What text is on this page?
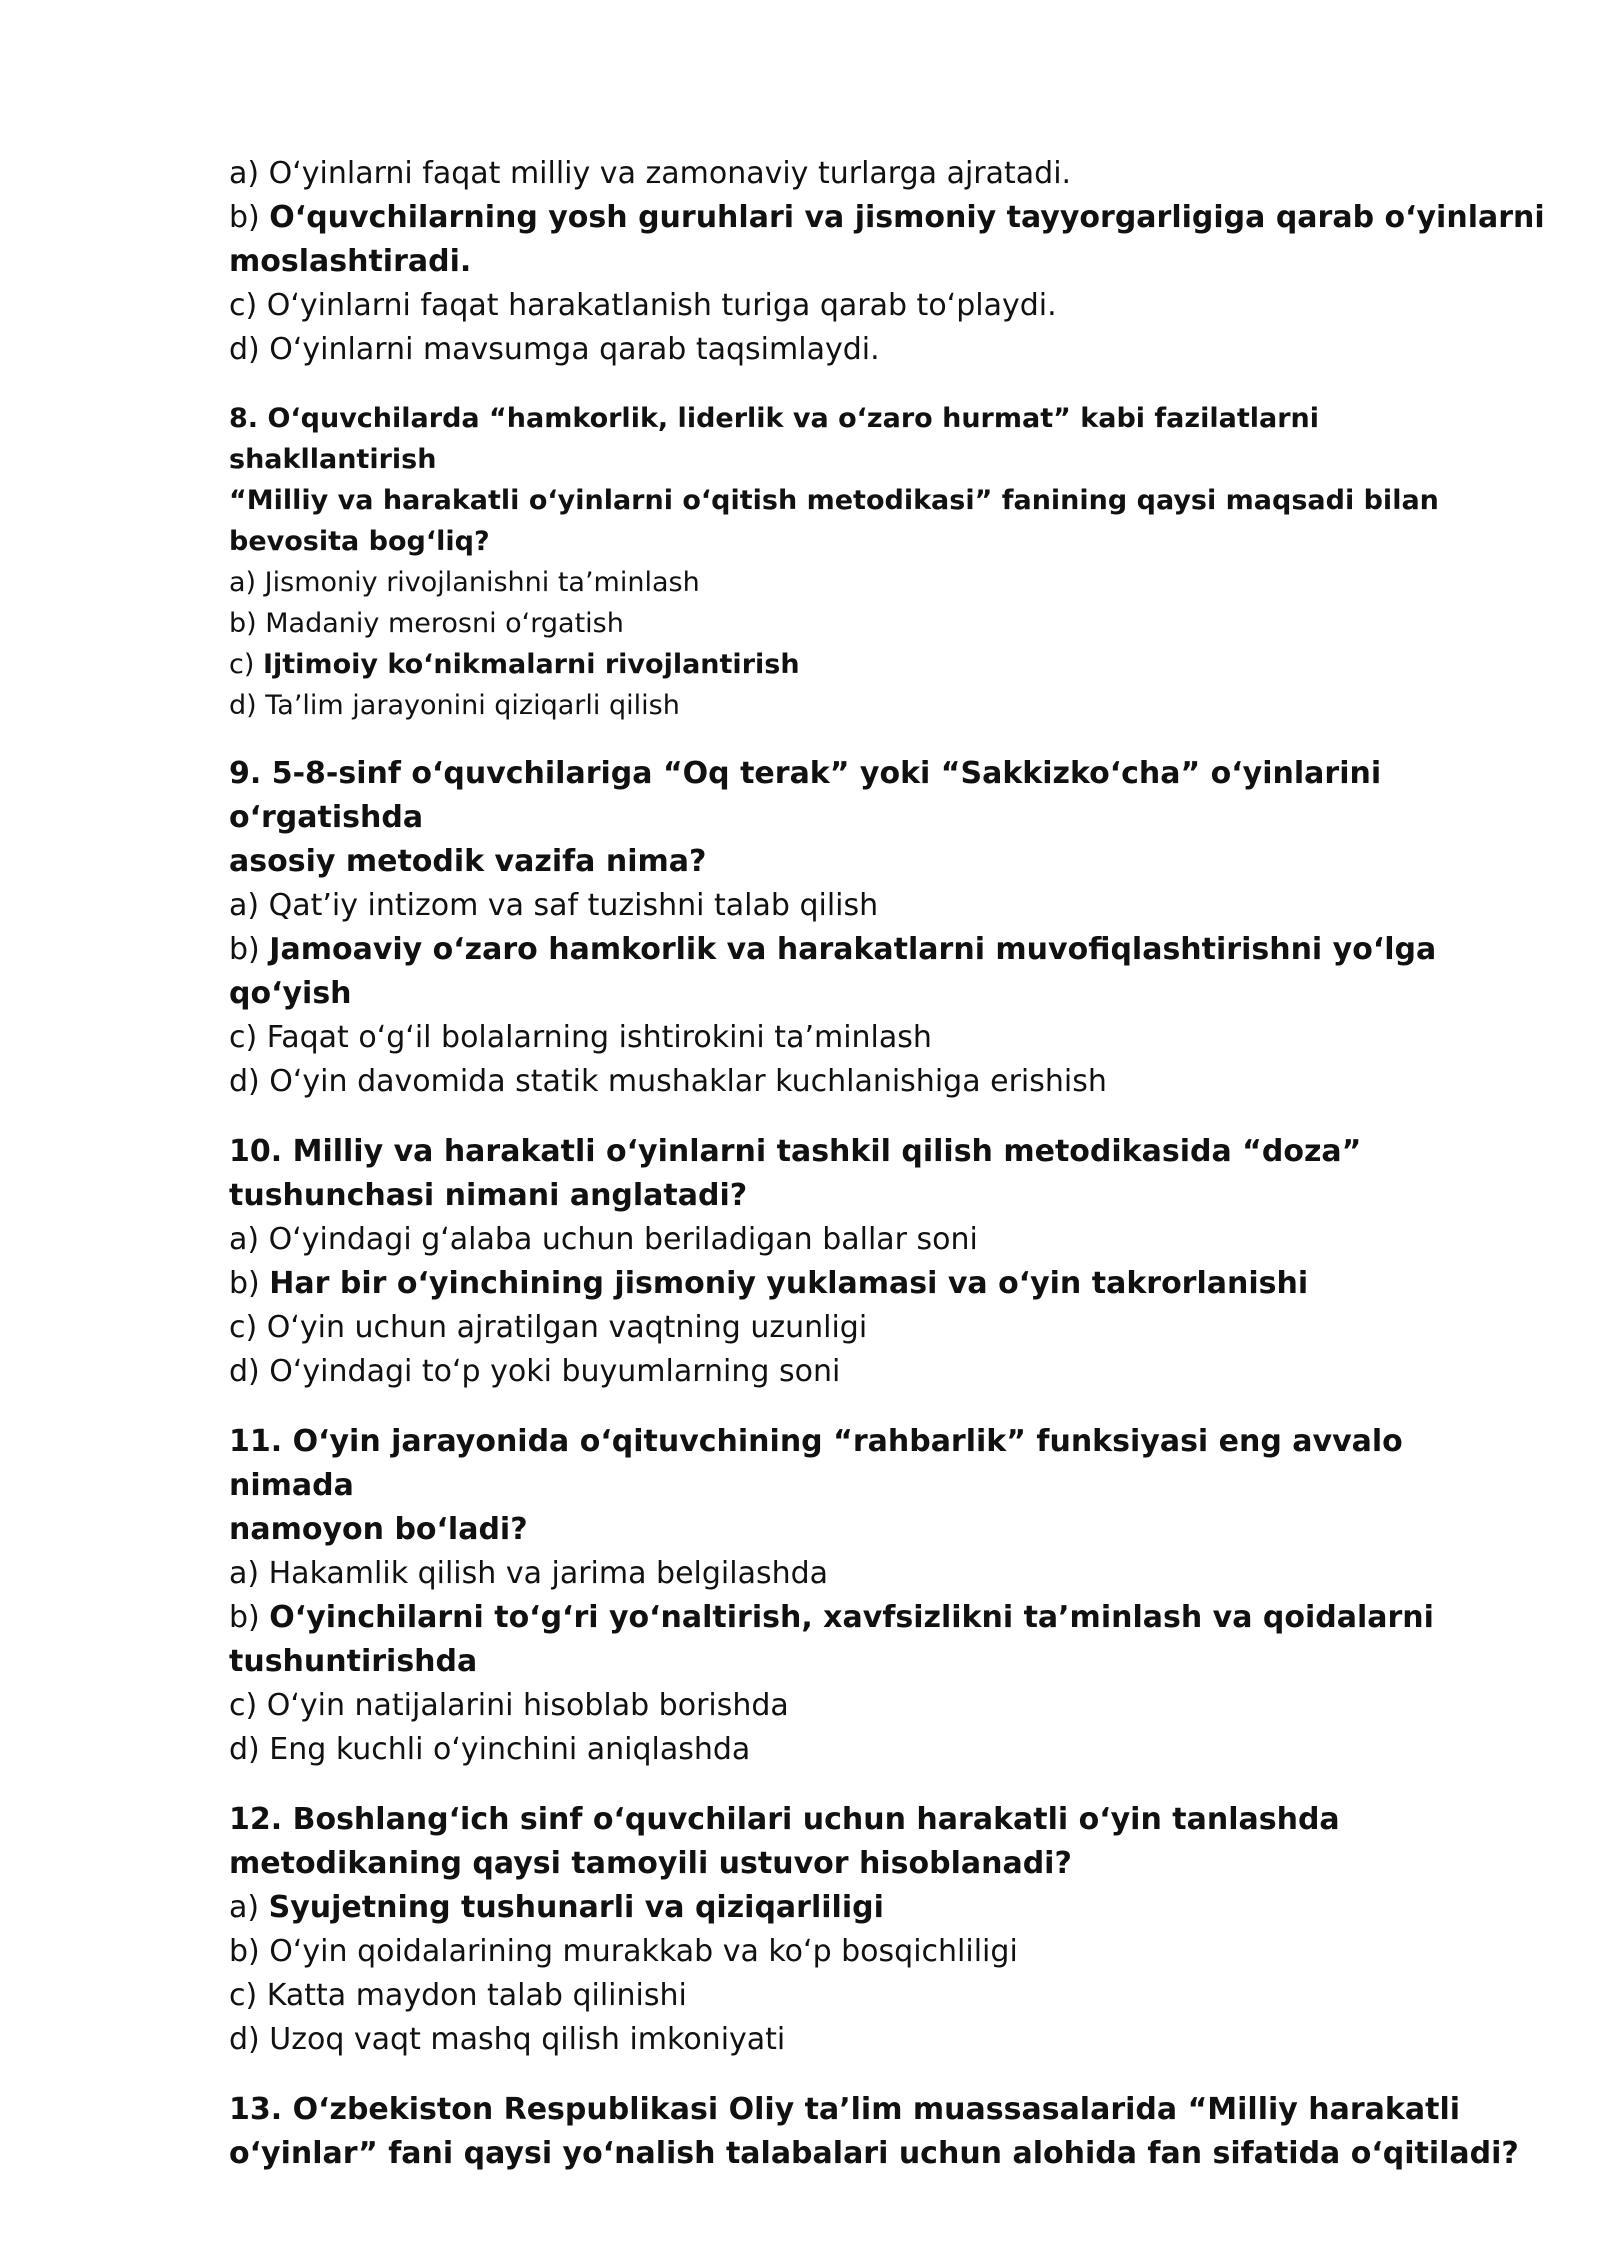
a) O‘yinlarni faqat milliy va zamonaviy turlarga ajratadi.
b) O‘quvchilarning yosh guruhlari va jismoniy tayyorgarligiga qarab o‘yinlarni
moslashtiradi.
c) O‘yinlarni faqat harakatlanish turiga qarab to‘playdi.
d) O‘yinlarni mavsumga qarab taqsimlaydi.
8. O‘quvchilarda “hamkorlik, liderlik va o‘zaro hurmat” kabi fazilatlarni shakllantirish
“Milliy va harakatli o‘yinlarni o‘qitish metodikasi” fanining qaysi maqsadi bilan
bevosita bog‘liq?
a) Jismoniy rivojlanishni ta’minlash
b) Madaniy merosni o‘rgatish
c) Ijtimoiy ko‘nikmalarni rivojlantirish
d) Ta’lim jarayonini qiziqarli qilish
9. 5-8-sinf o‘quvchilariga “Oq terak” yoki “Sakkizko‘cha” o‘yinlarini o‘rgatishda
asosiy metodik vazifa nima?
a) Qat’iy intizom va saf tuzishni talab qilish
b) Jamoaviy o‘zaro hamkorlik va harakatlarni muvofiqlashtirishni yo‘lga
qo‘yish
c) Faqat o‘g‘il bolalarning ishtirokini ta’minlash
d) O‘yin davomida statik mushaklar kuchlanishiga erishish
10. Milliy va harakatli o‘yinlarni tashkil qilish metodikasida “doza”
tushunchasi nimani anglatadi?
a) O‘yindagi g‘alaba uchun beriladigan ballar soni
b) Har bir o‘yinchining jismoniy yuklamasi va o‘yin takrorlanishi
c) O‘yin uchun ajratilgan vaqtning uzunligi
d) O‘yindagi to‘p yoki buyumlarning soni
11. O‘yin jarayonida o‘qituvchining “rahbarlik” funksiyasi eng avvalo nimada
namoyon bo‘ladi?
a) Hakamlik qilish va jarima belgilashda
b) O‘yinchilarni to‘g‘ri yo‘naltirish, xavfsizlikni ta’minlash va qoidalarni
tushuntirishda
c) O‘yin natijalarini hisoblab borishda
d) Eng kuchli o‘yinchini aniqlashda
12. Boshlang‘ich sinf o‘quvchilari uchun harakatli o‘yin tanlashda
metodikaning qaysi tamoyili ustuvor hisoblanadi?
a) Syujetning tushunarli va qiziqarliligi
b) O‘yin qoidalarining murakkab va ko‘p bosqichliligi
c) Katta maydon talab qilinishi
d) Uzoq vaqt mashq qilish imkoniyati
13. O‘zbekiston Respublikasi Oliy ta’lim muassasalarida “Milliy harakatli
o‘yinlar” fani qaysi yo‘nalish talabalari uchun alohida fan sifatida o‘qitiladi?
